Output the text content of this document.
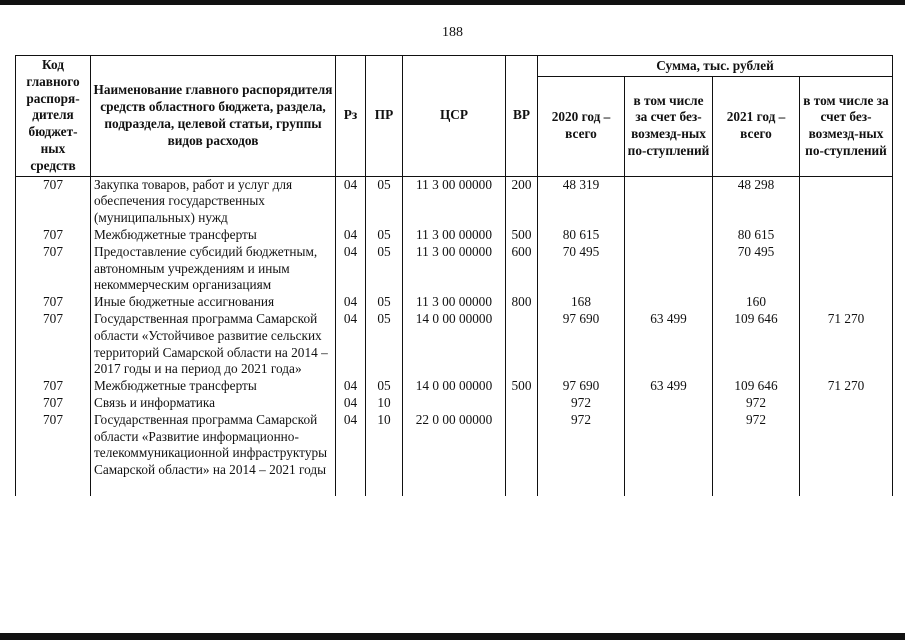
188
Код главного распоря-дителя бюджет-ных средств	Наименование главного распорядителя средств областного бюджета, раздела, подраздела, целевой статьи, группы видов расходов	Рз	ПР	ЦСР	ВР	Сумма, тыс. рублей			
						2020 год – всего	в том числе за счет без-возмезд-ных по-ступлений	2021 год – всего	в том числе за счет без-возмезд-ных по-ступлений
707	Закупка товаров, работ и услуг для обеспечения государственных (муниципальных) нужд	04	05	11 3 00 00000	200	48 319		48 298	
707	Межбюджетные трансферты	04	05	11 3 00 00000	500	80 615		80 615	
707	Предоставление субсидий бюджетным, автономным учреждениям и иным некоммерческим организациям	04	05	11 3 00 00000	600	70 495		70 495	
707	Иные бюджетные ассигнования	04	05	11 3 00 00000	800	168		160	
707	Государственная программа Самарской области «Устойчивое развитие сельских территорий Самарской области на 2014 – 2017 годы и на период до 2021 года»	04	05	14 0 00 00000		97 690	63 499	109 646	71 270
707	Межбюджетные трансферты	04	05	14 0 00 00000	500	97 690	63 499	109 646	71 270
707	Связь и информатика	04	10			972		972	
707	Государственная программа Самарской области «Развитие информационно-телекоммуникационной инфраструктуры Самарской области» на 2014 – 2021 годы	04	10	22 0 00 00000		972		972	
